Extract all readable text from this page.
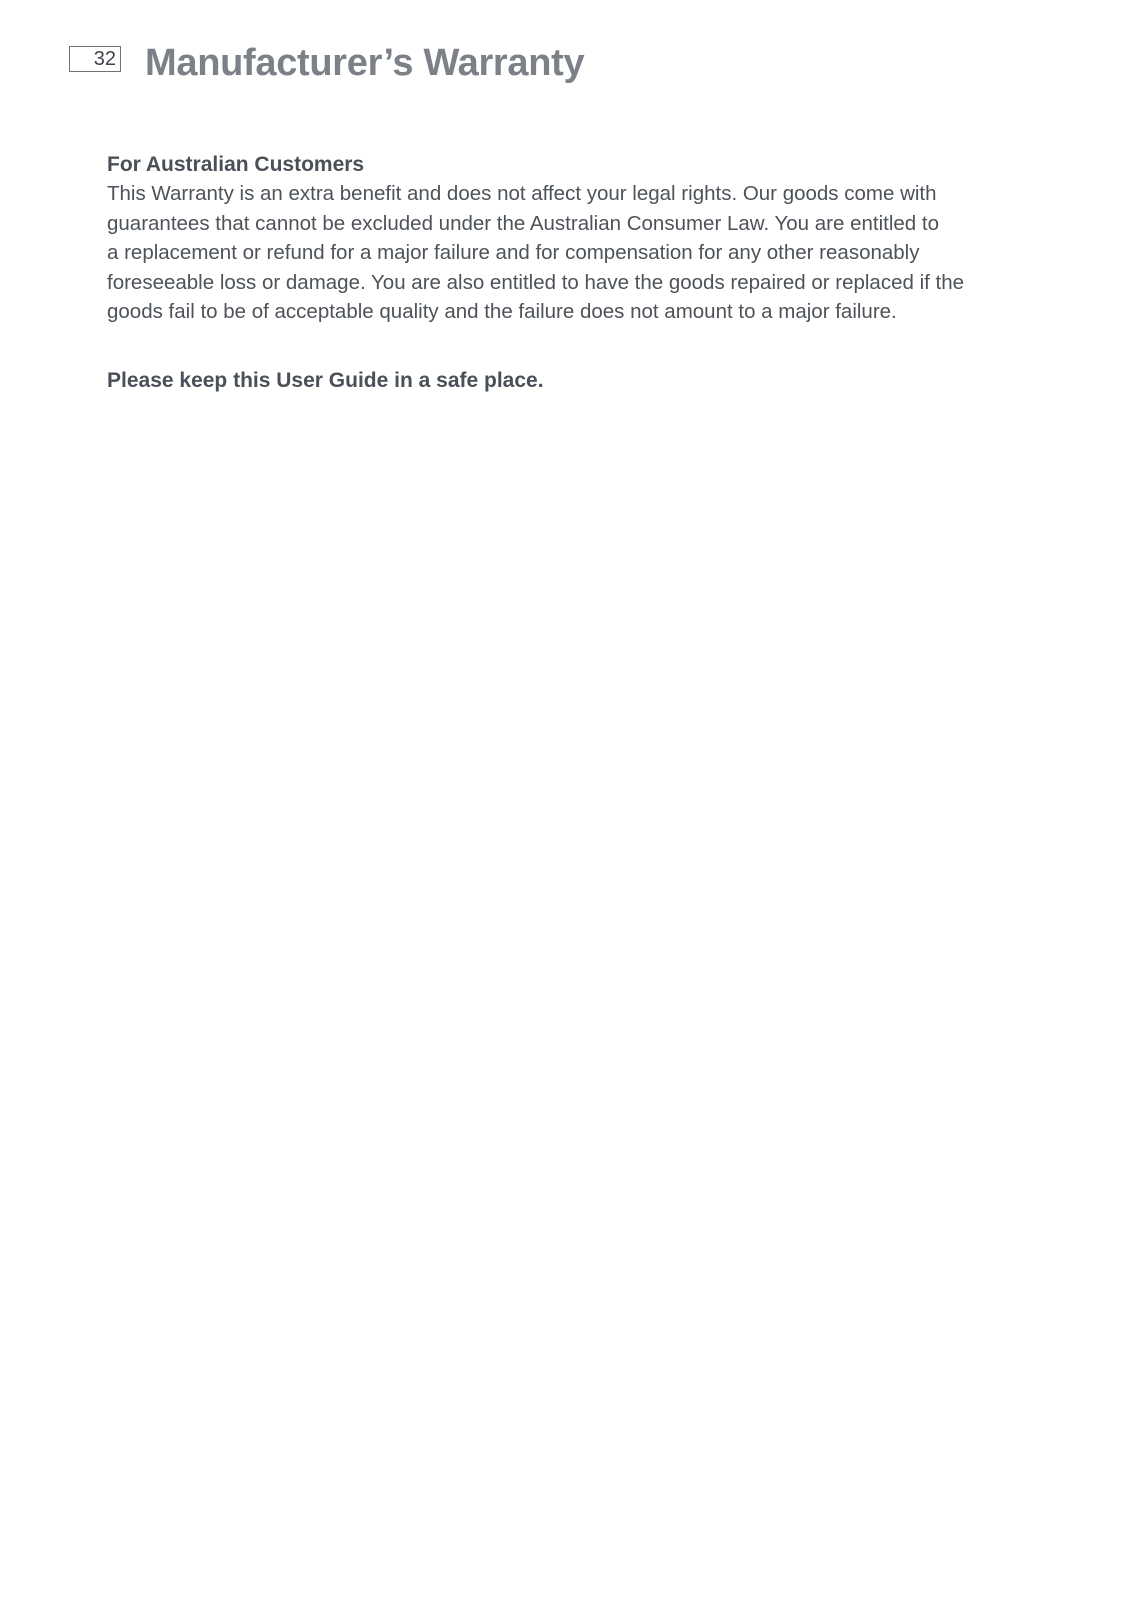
32 Manufacturer’s Warranty
For Australian Customers

This Warranty is an extra benefit and does not affect your legal rights. Our goods come with
guarantees that cannot be excluded under the Australian Consumer Law. You are entitled to
a replacement or refund for a major failure and for compensation for any other reasonably
foreseeable loss or damage. You are also entitled to have the goods repaired or replaced if the
goods fail to be of acceptable quality and the failure does not amount to a major failure.

Please keep this User Guide in a safe place.
